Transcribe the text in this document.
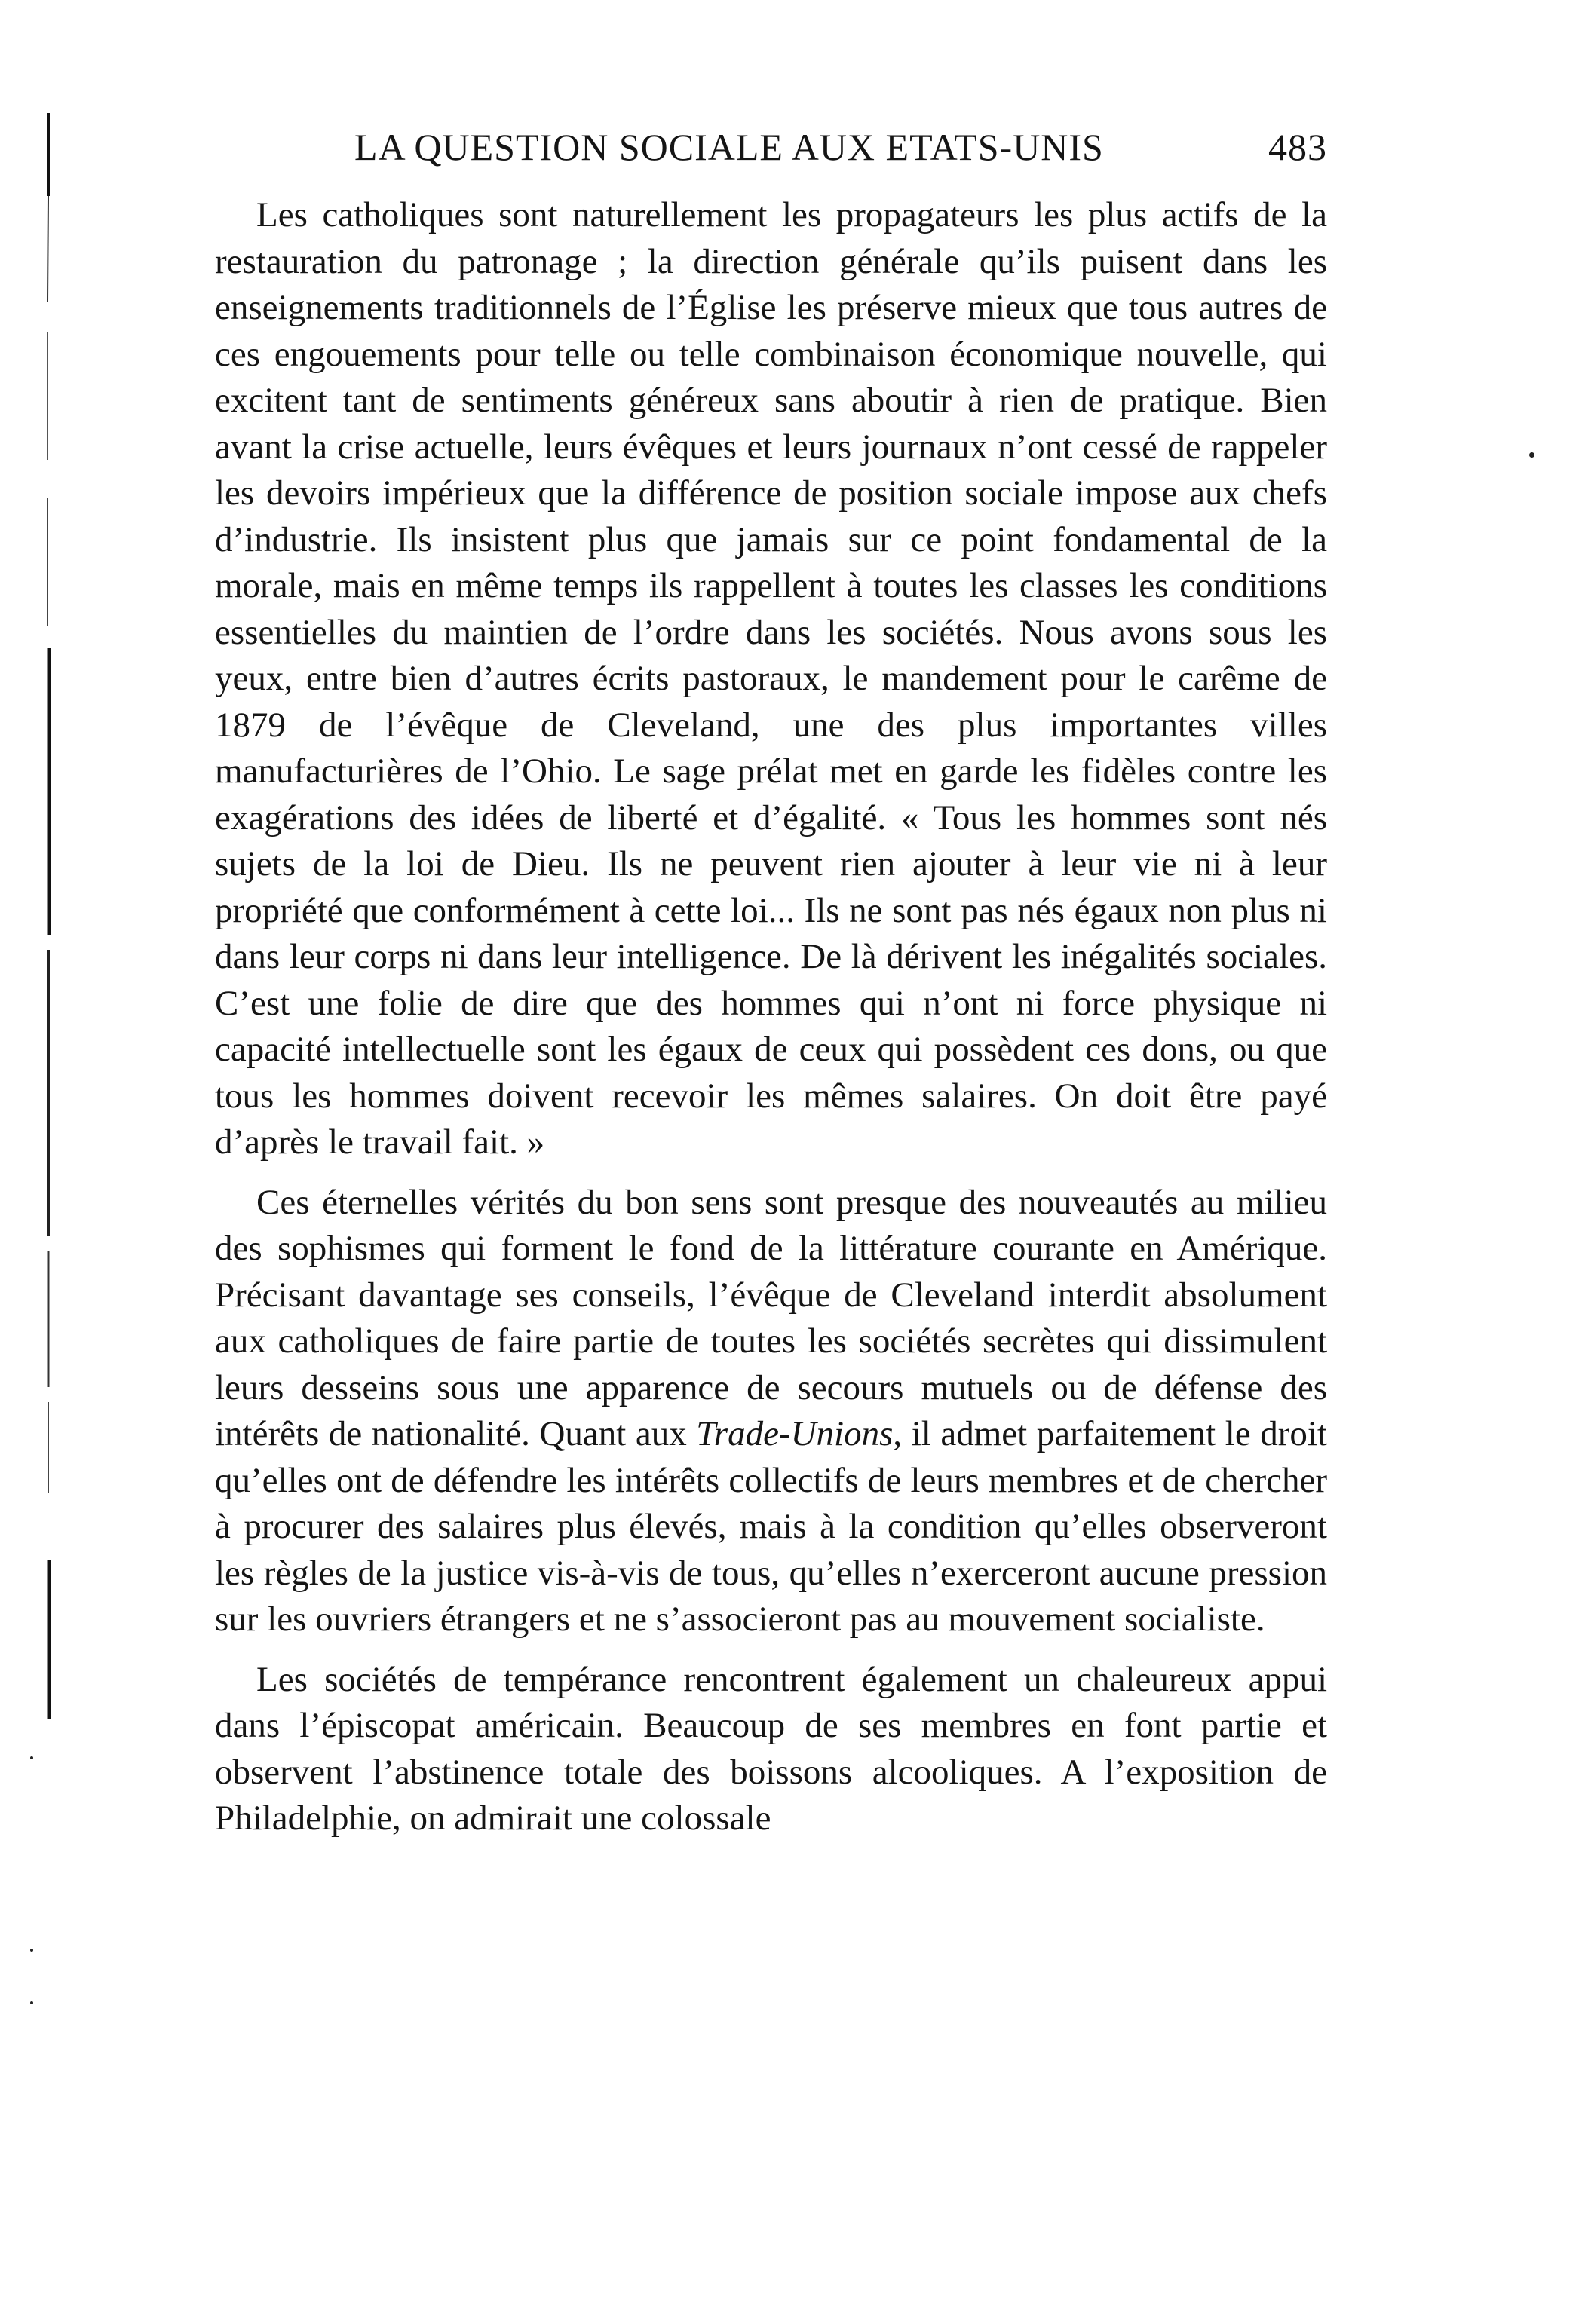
LA QUESTION SOCIALE AUX ETATS-UNIS	483

Les catholiques sont naturellement les propagateurs les plus actifs de la restauration du patronage ; la direction générale qu’ils puisent dans les enseignements traditionnels de l’Église les préserve mieux que tous autres de ces engouements pour telle ou telle combinaison économique nouvelle, qui excitent tant de sentiments généreux sans aboutir à rien de pratique. Bien avant la crise actuelle, leurs évêques et leurs journaux n’ont cessé de rappeler les devoirs impérieux que la différence de position sociale impose aux chefs d’industrie. Ils insistent plus que jamais sur ce point fondamental de la morale, mais en même temps ils rappellent à toutes les classes les conditions essentielles du maintien de l’ordre dans les sociétés. Nous avons sous les yeux, entre bien d’autres écrits pastoraux, le mandement pour le carême de 1879 de l’évêque de Cleveland, une des plus importantes villes manufacturières de l’Ohio. Le sage prélat met en garde les fidèles contre les exagérations des idées de liberté et d’égalité. « Tous les hommes sont nés sujets de la loi de Dieu. Ils ne peuvent rien ajouter à leur vie ni à leur propriété que conformément à cette loi... Ils ne sont pas nés égaux non plus ni dans leur corps ni dans leur intelligence. De là dérivent les inégalités sociales. C’est une folie de dire que des hommes qui n’ont ni force physique ni capacité intellectuelle sont les égaux de ceux qui possèdent ces dons, ou que tous les hommes doivent recevoir les mêmes salaires. On doit être payé d’après le travail fait. »

Ces éternelles vérités du bon sens sont presque des nouveautés au milieu des sophismes qui forment le fond de la littérature courante en Amérique. Précisant davantage ses conseils, l’évêque de Cleveland interdit absolument aux catholiques de faire partie de toutes les sociétés secrètes qui dissimulent leurs desseins sous une apparence de secours mutuels ou de défense des intérêts de nationalité. Quant aux Trade-Unions, il admet parfaitement le droit qu’elles ont de défendre les intérêts collectifs de leurs membres et de chercher à procurer des salaires plus élevés, mais à la condition qu’elles observeront les règles de la justice vis-à-vis de tous, qu’elles n’exerceront aucune pression sur les ouvriers étrangers et ne s’associeront pas au mouvement socialiste.

Les sociétés de tempérance rencontrent également un chaleureux appui dans l’épiscopat américain. Beaucoup de ses membres en font partie et observent l’abstinence totale des boissons alcooliques. A l’exposition de Philadelphie, on admirait une colossale
